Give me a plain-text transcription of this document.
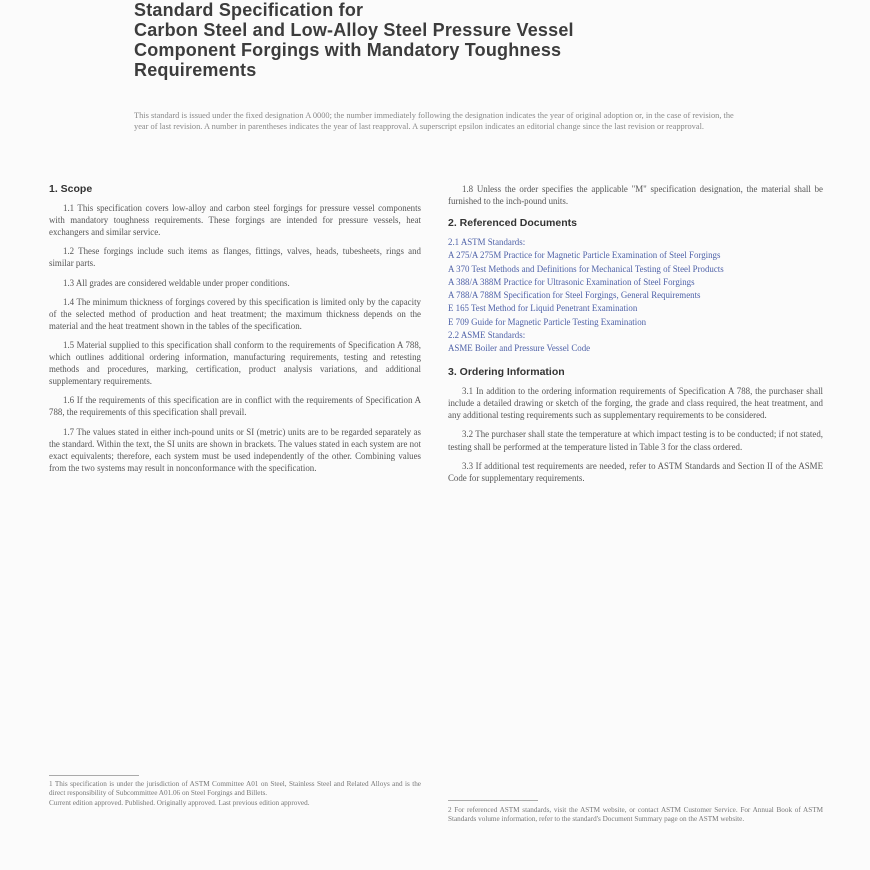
Standard Specification for
Carbon Steel and Low-Alloy Steel Pressure Vessel
Component Forgings with Mandatory Toughness
Requirements
This standard is issued under the fixed designation A 0000; the number immediately following the designation indicates the year of original adoption or, in the case of revision, the year of last revision. A number in parentheses indicates the year of last reapproval. A superscript epsilon indicates an editorial change since the last revision or reapproval.
1. Scope

1.1 This specification covers low-alloy and carbon steel forgings for pressure vessel components with mandatory toughness requirements. These forgings are intended for pressure vessels, heat exchangers and similar service.

1.2 These forgings include such items as flanges, fittings, valves, heads, tubesheets, rings and similar parts.

1.3 All grades are considered weldable under proper conditions.

1.4 The minimum thickness of forgings covered by this specification is limited only by the capacity of the selected method of production and heat treatment; the maximum thickness depends on the material and the heat treatment shown in the tables of the specification.

1.5 Material supplied to this specification shall conform to the requirements of Specification A 788, which outlines additional ordering information, manufacturing requirements, testing and retesting methods and procedures, marking, certification, product analysis variations, and additional supplementary requirements.

1.6 If the requirements of this specification are in conflict with the requirements of Specification A 788, the requirements of this specification shall prevail.

1.7 The values stated in either inch-pound units or SI (metric) units are to be regarded separately as the standard. Within the text, the SI units are shown in brackets. The values stated in each system are not exact equivalents; therefore, each system must be used independently of the other. Combining values from the two systems may result in nonconformance with the specification.

1.8 Unless the order specifies the applicable "M" specification designation, the material shall be furnished to the inch-pound units.

2. Referenced Documents
2.1 ASTM Standards:
A 275/A 275M Practice for Magnetic Particle Examination of Steel Forgings
A 370 Test Methods and Definitions for Mechanical Testing of Steel Products
A 388/A 388M Practice for Ultrasonic Examination of Steel Forgings
A 788/A 788M Specification for Steel Forgings, General Requirements
E 165 Test Method for Liquid Penetrant Examination
E 709 Guide for Magnetic Particle Testing Examination
2.2 ASME Standards:
ASME Boiler and Pressure Vessel Code
3. Ordering Information

3.1 In addition to the ordering information requirements of Specification A 788, the purchaser shall include a detailed drawing or sketch of the forging, the grade and class required, the heat treatment, and any additional testing requirements such as supplementary requirements to be considered.

3.2 The purchaser shall state the temperature at which impact testing is to be conducted; if not stated, testing shall be performed at the temperature listed in Table 3 for the class ordered.

3.3 If additional test requirements are needed, refer to ASTM Standards and Section II of the ASME Code for supplementary requirements.

1 This specification is under the jurisdiction of ASTM Committee A01 on Steel, Stainless Steel and Related Alloys and is the direct responsibility of Subcommittee A01.06 on Steel Forgings and Billets.
Current edition approved. Published. Originally approved. Last previous edition approved.
2 For referenced ASTM standards, visit the ASTM website, or contact ASTM Customer Service. For Annual Book of ASTM Standards volume information, refer to the standard's Document Summary page on the ASTM website.
